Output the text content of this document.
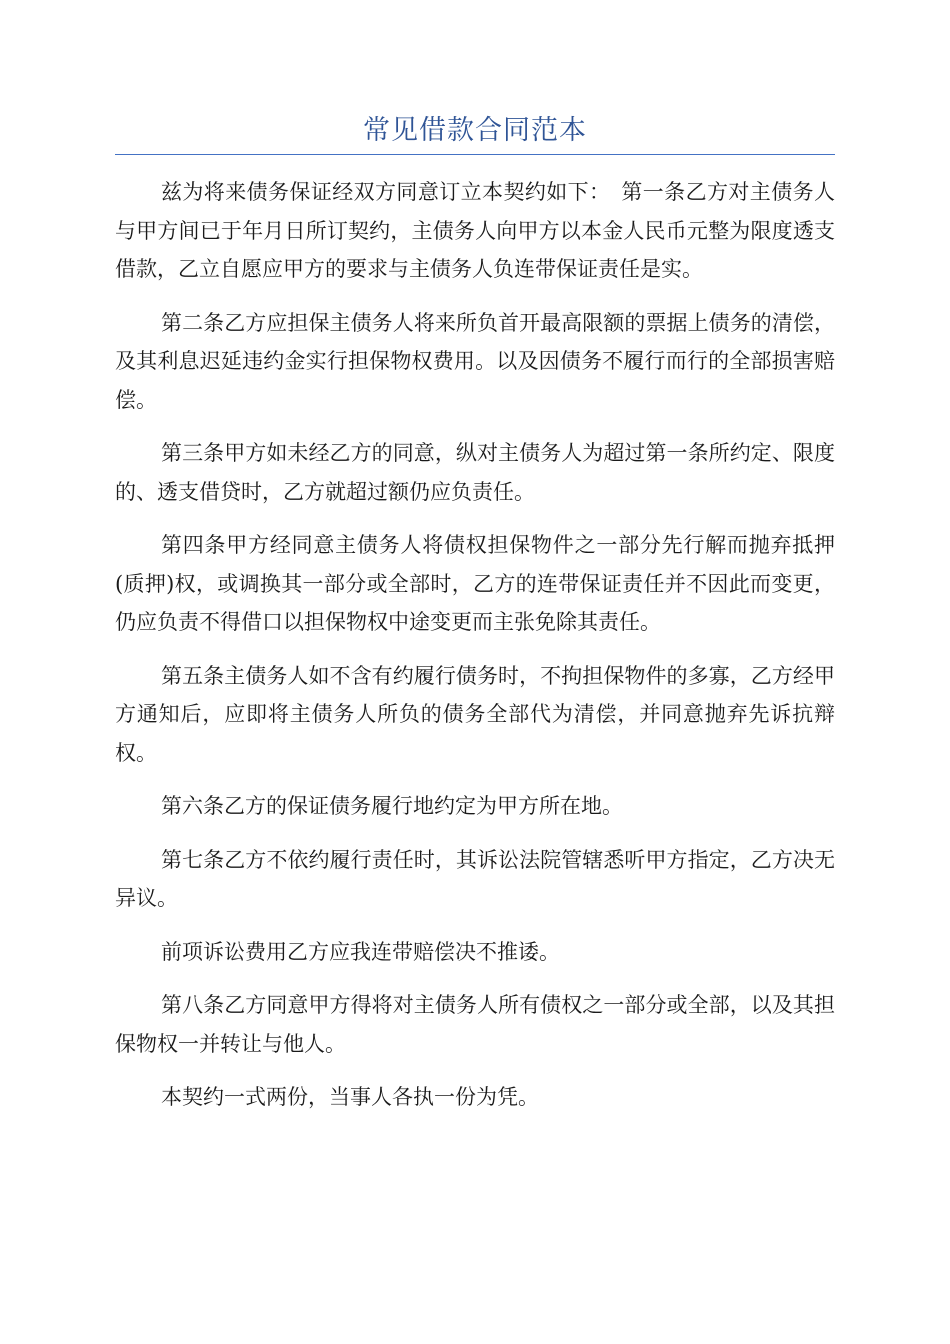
常见借款合同范本

兹为将来债务保证经双方同意订立本契约如下：　第一条乙方对主债务人与甲方间已于年月日所订契约，主债务人向甲方以本金人民币元整为限度透支借款，乙立自愿应甲方的要求与主债务人负连带保证责任是实。

第二条乙方应担保主债务人将来所负首开最高限额的票据上债务的清偿，及其利息迟延违约金实行担保物权费用。以及因债务不履行而行的全部损害赔偿。

第三条甲方如未经乙方的同意，纵对主债务人为超过第一条所约定、限度的、透支借贷时，乙方就超过额仍应负责任。

第四条甲方经同意主债务人将债权担保物件之一部分先行解而抛弃抵押(质押)权，或调换其一部分或全部时，乙方的连带保证责任并不因此而变更，仍应负责不得借口以担保物权中途变更而主张免除其责任。

第五条主债务人如不含有约履行债务时，不拘担保物件的多寡，乙方经甲方通知后，应即将主债务人所负的债务全部代为清偿，并同意抛弃先诉抗辩权。

第六条乙方的保证债务履行地约定为甲方所在地。

第七条乙方不依约履行责任时，其诉讼法院管辖悉听甲方指定，乙方决无异议。

前项诉讼费用乙方应我连带赔偿决不推诿。

第八条乙方同意甲方得将对主债务人所有债权之一部分或全部，以及其担保物权一并转让与他人。

本契约一式两份，当事人各执一份为凭。
